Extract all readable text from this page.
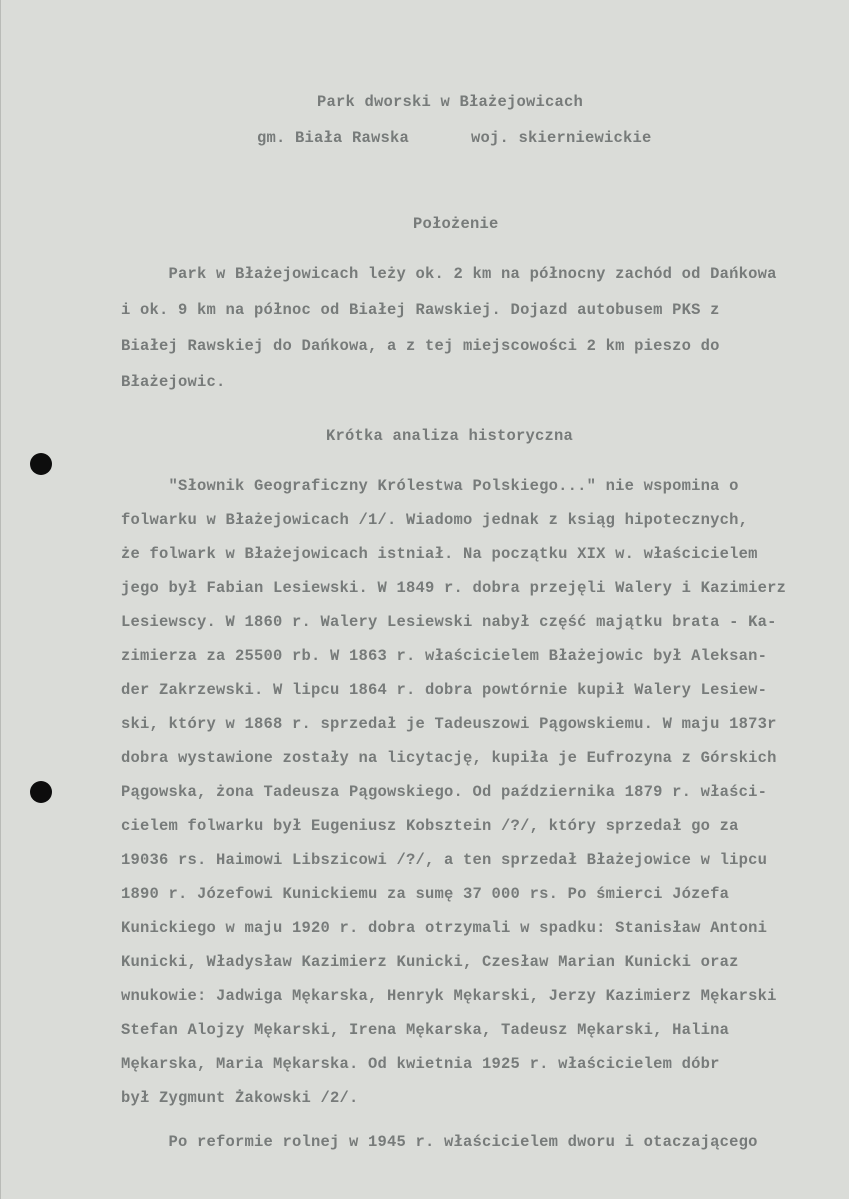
Park dworski w Błażejowicach
gm. Biała Rawska	woj. skierniewickie
Położenie
Park w Błażejowicach leży ok. 2 km na północny zachód od Dańkowa
i ok. 9 km na północ od Białej Rawskiej. Dojazd autobusem PKS z
Białej Rawskiej do Dańkowa, a z tej miejscowości 2 km pieszo do
Błażejowic.
Krótka analiza historyczna
"Słownik Geograficzny Królestwa Polskiego..." nie wspomina o
folwarku w Błażejowicach /1/. Wiadomo jednak z ksiąg hipotecznych,
że folwark w Błażejowicach istniał. Na początku XIX w. właścicielem
jego był Fabian Lesiewski. W 1849 r. dobra przejęli Walery i Kazimierz
Lesiewscy. W 1860 r. Walery Lesiewski nabył część majątku brata - Ka-
zimierza za 25500 rb. W 1863 r. właścicielem Błażejowic był Aleksan-
der Zakrzewski. W lipcu 1864 r. dobra powtórnie kupił Walery Lesiew-
ski, który w 1868 r. sprzedał je Tadeuszowi Pągowskiemu. W maju 1873r
dobra wystawione zostały na licytację, kupiła je Eufrozyna z Górskich
Pągowska, żona Tadeusza Pągowskiego. Od października 1879 r. właści-
cielem folwarku był Eugeniusz Kobsztein /?/, który sprzedał go za
19036 rs. Haimowi Libszicowi /?/, a ten sprzedał Błażejowice w lipcu
1890 r. Józefowi Kunickiemu za sumę 37 000 rs. Po śmierci Józefa
Kunickiego w maju 1920 r. dobra otrzymali w spadku: Stanisław Antoni
Kunicki, Władysław Kazimierz Kunicki, Czesław Marian Kunicki oraz
wnukowie: Jadwiga Mękarska, Henryk Mękarski, Jerzy Kazimierz Mękarski
Stefan Alojzy Mękarski, Irena Mękarska, Tadeusz Mękarski, Halina
Mękarska, Maria Mękarska. Od kwietnia 1925 r. właścicielem dóbr
był Zygmunt Żakowski /2/.
Po reformie rolnej w 1945 r. właścicielem dworu i otaczającego
